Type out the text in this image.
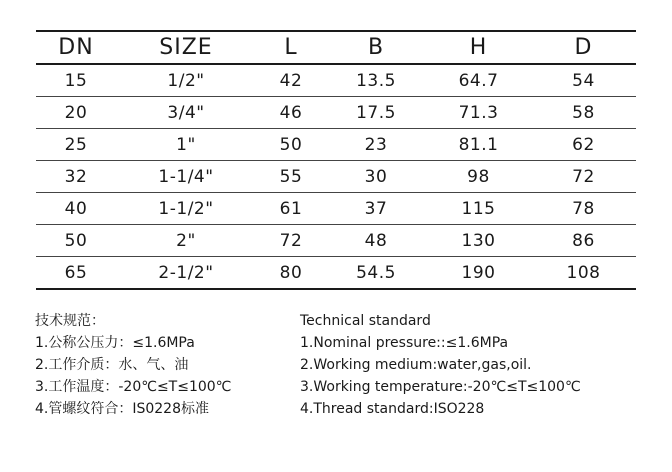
DN	SIZE	L	B	H	D
15	1/2"	42	13.5	64.7	54
20	3/4"	46	17.5	71.3	58
25	1"	50	23	81.1	62
32	1-1/4"	55	30	98	72
40	1-1/2"	61	37	115	78
50	2"	72	48	130	86
65	2-1/2"	80	54.5	190	108
技术规范：
1.公称公压力：≤1.6MPa
2.工作介质：水、气、油
3.工作温度：-20℃≤T≤100℃
4.管螺纹符合：IS0228标准
Technical standard
1.Nominal pressure::≤1.6MPa
2.Working medium:water,gas,oil.
3.Working temperature:-20℃≤T≤100℃
4.Thread standard:ISO228
